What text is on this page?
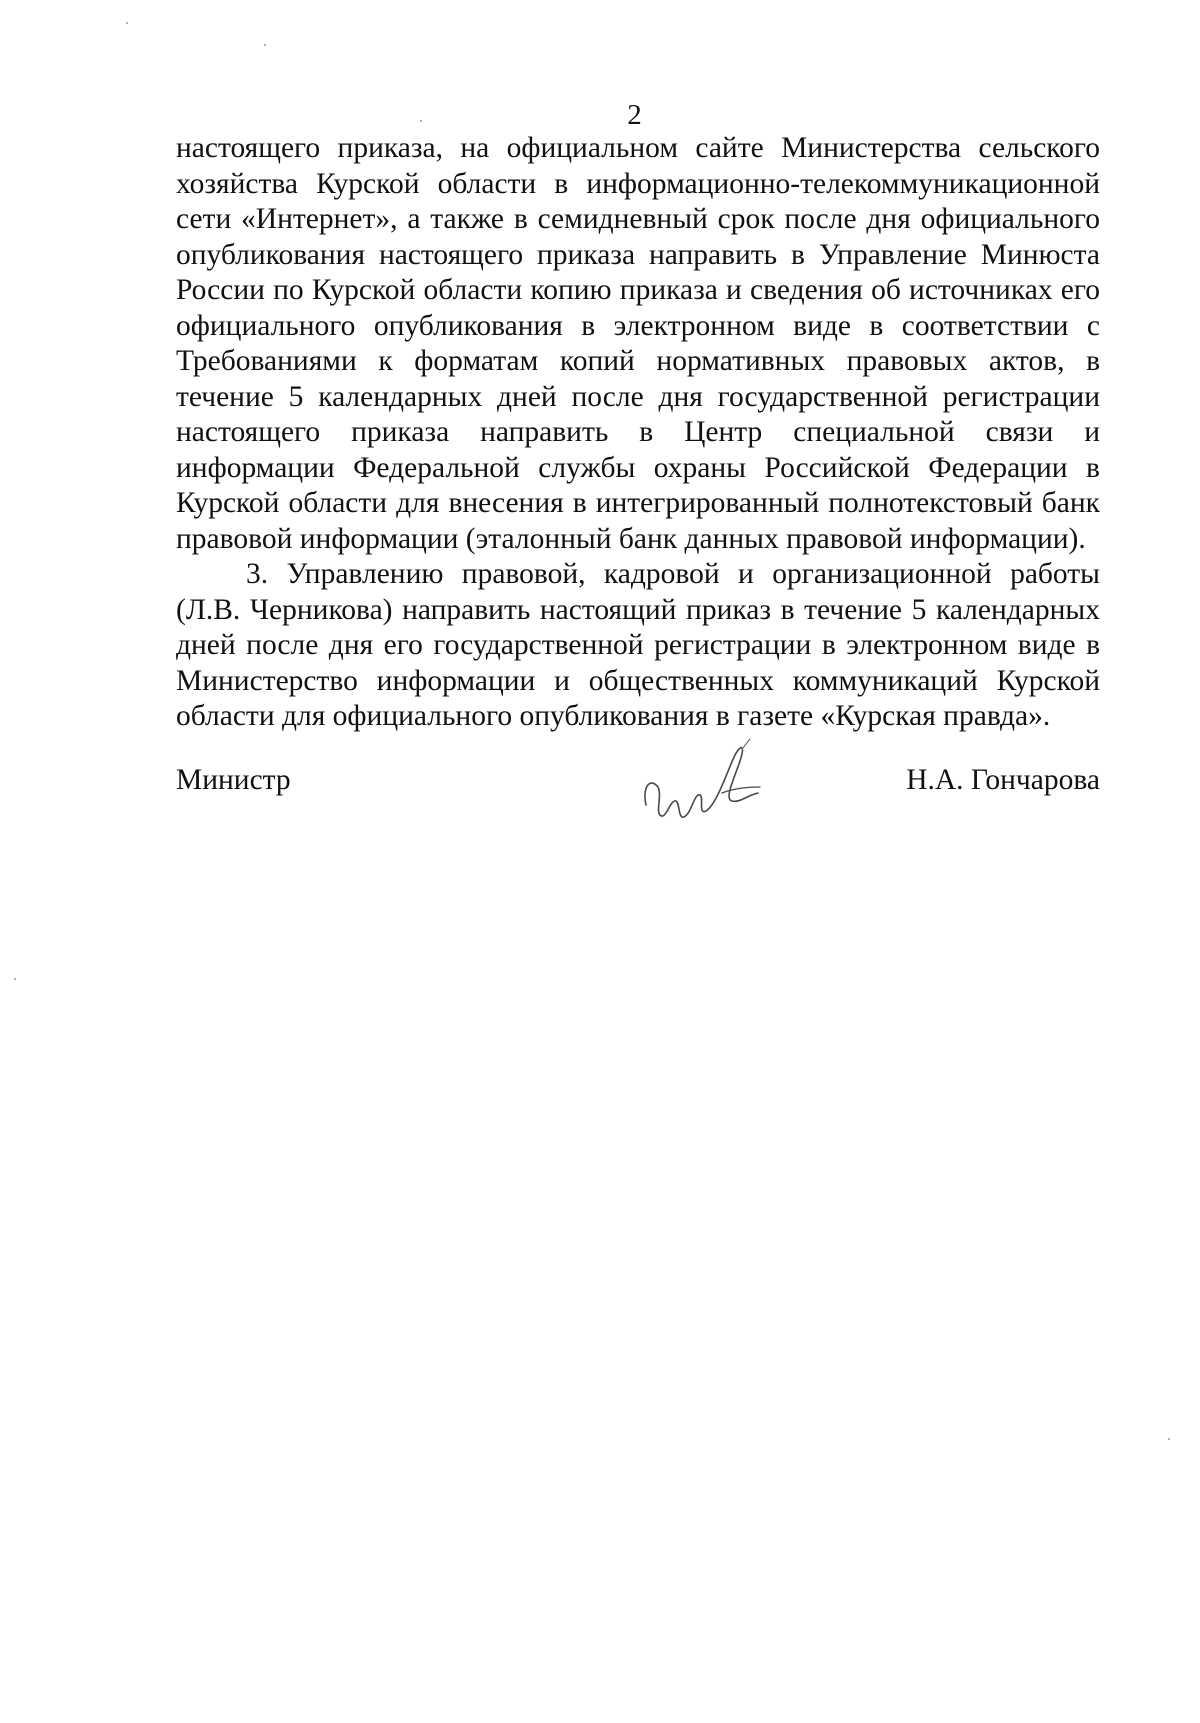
2

настоящего приказа, на официальном сайте Министерства сельского хозяйства Курской области в информационно-телекоммуникационной сети «Интернет», а также в семидневный срок после дня официального опубликования настоящего приказа направить в Управление Минюста России по Курской области копию приказа и сведения об источниках его официального опубликования в электронном виде в соответствии с Требованиями к форматам копий нормативных правовых актов, в течение 5 календарных дней после дня государственной регистрации настоящего приказа направить в Центр специальной связи и информации Федеральной службы охраны Российской Федерации в Курской области для внесения в интегрированный полнотекстовый банк правовой информации (эталонный банк данных правовой информации).

3. Управлению правовой, кадровой и организационной работы (Л.В. Черникова) направить настоящий приказ в течение 5 календарных дней после дня его государственной регистрации в электронном виде в Министерство информации и общественных коммуникаций Курской области для официального опубликования в газете «Курская правда».

Министр	Н.А. Гончарова
